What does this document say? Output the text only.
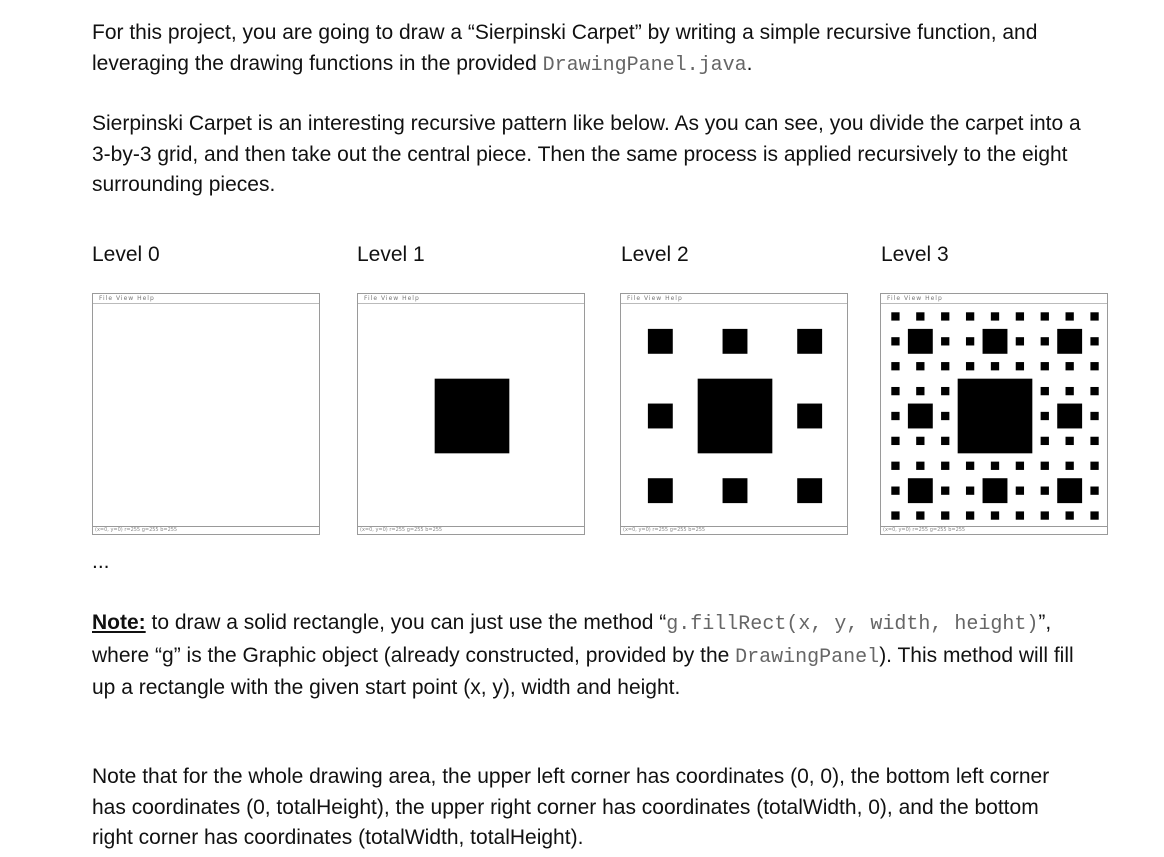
For this project, you are going to draw a “Sierpinski Carpet” by writing a simple recursive function, and leveraging the drawing functions in the provided DrawingPanel.java.

Sierpinski Carpet is an interesting recursive pattern like below. As you can see, you divide the carpet into a 3-by-3 grid, and then take out the central piece. Then the same process is applied recursively to the eight surrounding pieces.

Level 0	Level 1	Level 2	Level 3
File View Help
(x=0, y=0) r=255 g=255 b=255
File View Help
(x=0, y=0) r=255 g=255 b=255
File View Help
(x=0, y=0) r=255 g=255 b=255
File View Help
(x=0, y=0) r=255 g=255 b=255
...

Note: to draw a solid rectangle, you can just use the method “g.fillRect(x, y, width, height)”, where “g” is the Graphic object (already constructed, provided by the DrawingPanel). This method will fill up a rectangle with the given start point (x, y), width and height.

Note that for the whole drawing area, the upper left corner has coordinates (0, 0), the bottom left corner has coordinates (0, totalHeight), the upper right corner has coordinates (totalWidth, 0), and the bottom right corner has coordinates (totalWidth, totalHeight).
